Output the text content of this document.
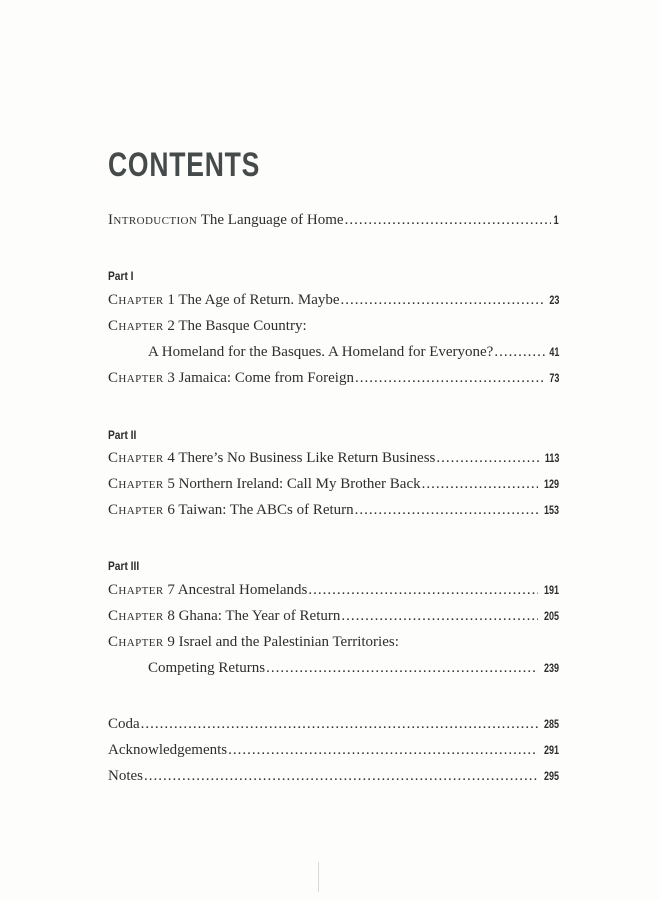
CONTENTS
Introduction The Language of Home .....	1
Part I
Chapter 1 The Age of Return. Maybe .....	23
Chapter 2 The Basque Country:
A Homeland for the Basques. A Homeland for Everyone? .....	41
Chapter 3 Jamaica: Come from Foreign .....	73
Part II
Chapter 4 There’s No Business Like Return Business .....	113
Chapter 5 Northern Ireland: Call My Brother Back .....	129
Chapter 6 Taiwan: The ABCs of Return .....	153
Part III
Chapter 7 Ancestral Homelands .....	191
Chapter 8 Ghana: The Year of Return .....	205
Chapter 9 Israel and the Palestinian Territories:
Competing Returns .....	239
Coda .....	285
Acknowledgements .....	291
Notes .....	295
